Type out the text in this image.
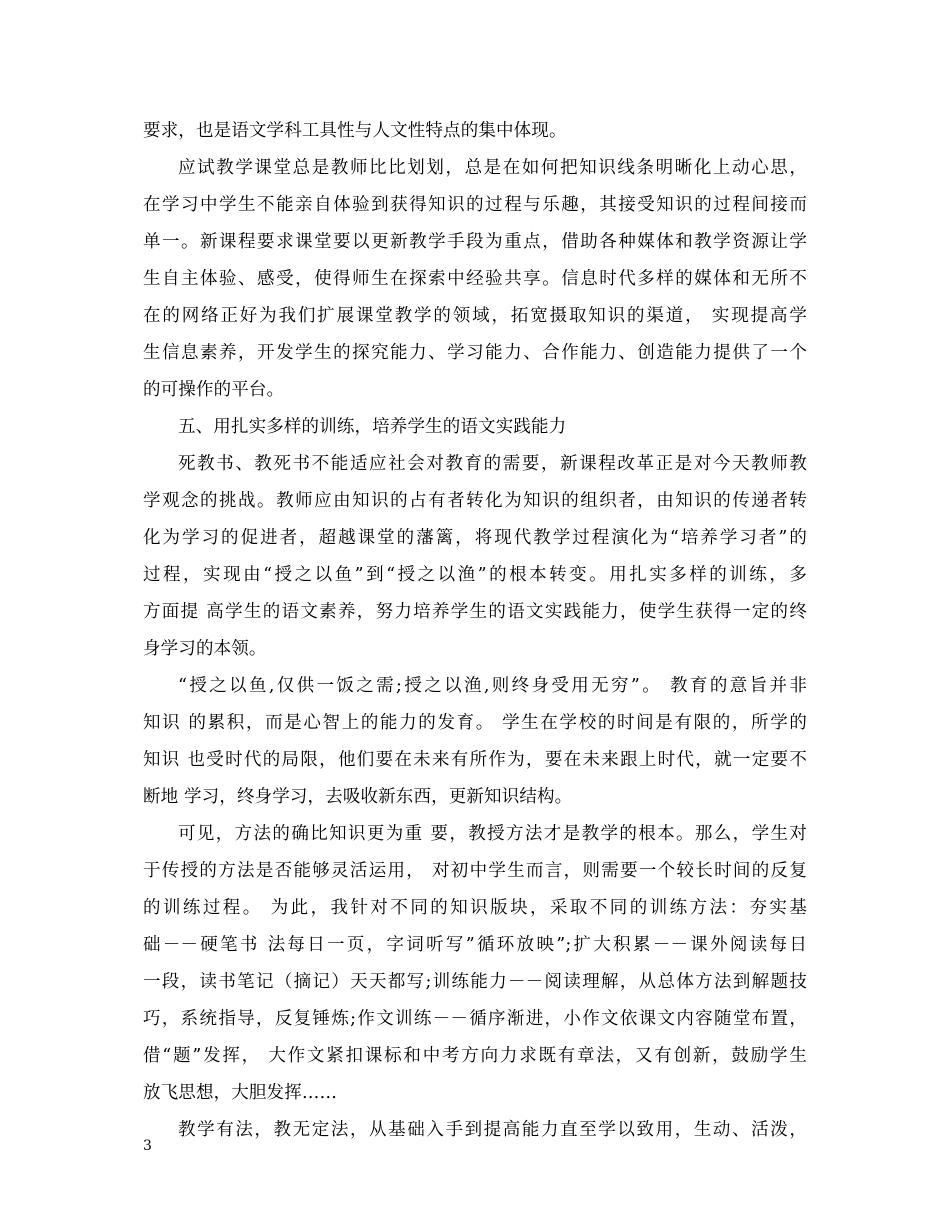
要求，也是语文学科工具性与人文性特点的集中体现。
应试教学课堂总是教师比比划划，总是在如何把知识线条明晰化上动心思，
在学习中学生不能亲自体验到获得知识的过程与乐趣，其接受知识的过程间接而
单一。新课程要求课堂要以更新教学手段为重点，借助各种媒体和教学资源让学
生自主体验、感受，使得师生在探索中经验共享。信息时代多样的媒体和无所不
在的网络正好为我们扩展课堂教学的领域，拓宽摄取知识的渠道， 实现提高学
生信息素养，开发学生的探究能力、学习能力、合作能力、创造能力提供了一个
的可操作的平台。
五、用扎实多样的训练，培养学生的语文实践能力
死教书、教死书不能适应社会对教育的需要，新课程改革正是对今天教师教
学观念的挑战。教师应由知识的占有者转化为知识的组织者，由知识的传递者转
化为学习的促进者，超越课堂的藩篱，将现代教学过程演化为“培养学习者”的
过程，实现由“授之以鱼”到“授之以渔”的根本转变。用扎实多样的训练，多
方面提 高学生的语文素养，努力培养学生的语文实践能力，使学生获得一定的终
身学习的本领。
“授之以鱼,仅供一饭之需;授之以渔,则终身受用无穷”。 教育的意旨并非
知识 的累积，而是心智上的能力的发育。 学生在学校的时间是有限的，所学的
知识 也受时代的局限，他们要在未来有所作为，要在未来跟上时代，就一定要不
断地 学习，终身学习，去吸收新东西，更新知识结构。
可见，方法的确比知识更为重 要，教授方法才是教学的根本。那么，学生对
于传授的方法是否能够灵活运用， 对初中学生而言，则需要一个较长时间的反复
的训练过程。 为此，我针对不同的知识版块，采取不同的训练方法：夯实基
础－－硬笔书 法每日一页，字词听写”循环放映”;扩大积累－－课外阅读每日
一段，读书笔记（摘记）天天都写;训练能力－－阅读理解，从总体方法到解题技
巧，系统指导，反复锤炼;作文训练－－循序渐进，小作文依课文内容随堂布置，
借“题”发挥， 大作文紧扣课标和中考方向力求既有章法，又有创新，鼓励学生
放飞思想，大胆发挥……
教学有法，教无定法，从基础入手到提高能力直至学以致用，生动、活泼，
3
